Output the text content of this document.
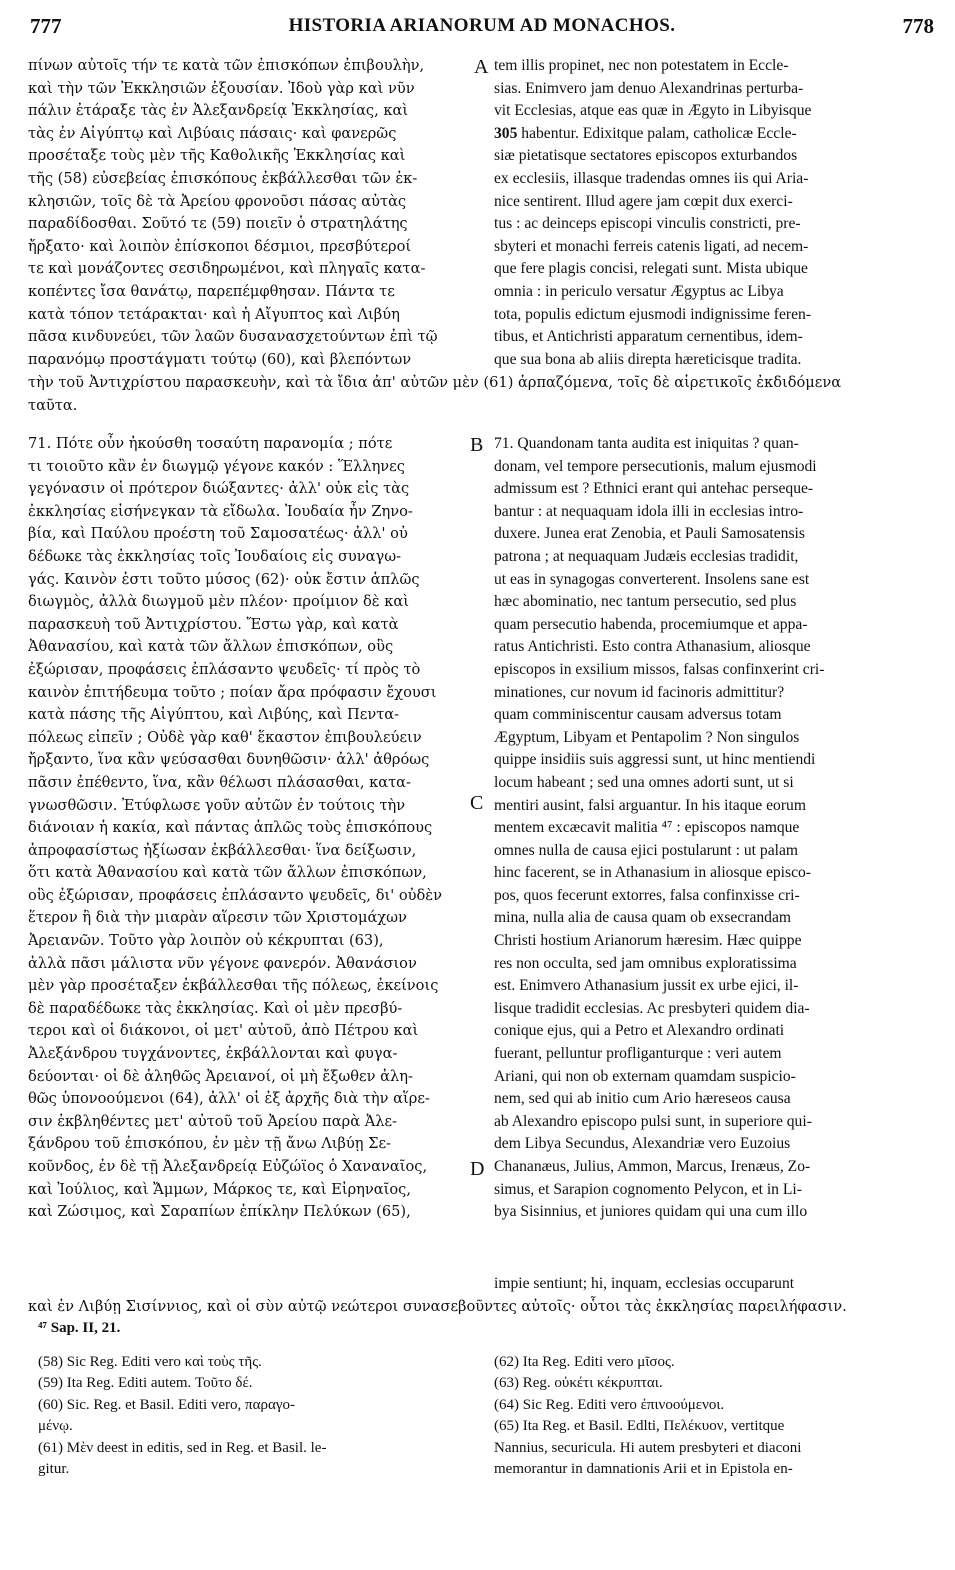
777	HISTORIA ARIANORUM AD MONACHOS.	778
πίνων αὐτοῖς τήν τε κατὰ τῶν ἐπισκόπων ἐπιβουλὴν,
καὶ τὴν τῶν Ἐκκλησιῶν ἐξουσίαν. Ἰδοὺ γὰρ καὶ νῦν
πάλιν ἐτάραξε τὰς ἐν Ἀλεξανδρείᾳ Ἐκκλησίας, καὶ
τὰς ἐν Αἰγύπτῳ καὶ Λιβύαις πάσαις· καὶ φανερῶς
προσέταξε τοὺς μὲν τῆς Καθολικῆς Ἐκκλησίας καὶ
τῆς (58) εὐσεβείας ἐπισκόπους ἐκβάλλεσθαι τῶν ἐκ-
κλησιῶν, τοῖς δὲ τὰ Ἀρείου φρονοῦσι πάσας αὐτὰς
παραδίδοσθαι. Σοῦτό τε (59) ποιεῖν ὁ στρατηλάτης
ἤρξατο· καὶ λοιπὸν ἐπίσκοποι δέσμιοι, πρεσβύτεροί
τε καὶ μονάζοντες σεσιδηρωμένοι, καὶ πληγαῖς κατα-
κοπέντες ἴσα θανάτῳ, παρεπέμφθησαν. Πάντα τε
κατὰ τόπον τετάρακται· καὶ ἡ Αἴγυπτος καὶ Λιβύη
πᾶσα κινδυνεύει, τῶν λαῶν δυσανασχετούντων ἐπὶ τῷ
παρανόμῳ προστάγματι τούτῳ (60), καὶ βλεπόντων
tem illis propinet, nec non potestatem in Eccle-
sias. Enimvero jam denuo Alexandrinas perturba-
vit Ecclesias, atque eas quæ in Ægyto in Libyisque
305 habentur. Edixitque palam, catholicæ Eccle-
siæ pietatisque sectatores episcopos exturbandos
ex ecclesiis, illasque tradendas omnes iis qui Aria-
nice sentirent. Illud agere jam cœpit dux exerci-
tus : ac deinceps episcopi vinculis constricti, pre-
sbyteri et monachi ferreis catenis ligati, ad necem-
que fere plagis concisi, relegati sunt. Mista ubique
omnia : in periculo versatur Ægyptus ac Libya
tota, populis edictum ejusmodi indignissime feren-
tibus, et Antichristi apparatum cernentibus, idem-
que sua bona ab aliis direpta hæreticisque tradita.
A
τὴν τοῦ Ἀντιχρίστου παρασκευὴν, καὶ τὰ ἴδια ἀπ' αὐτῶν μὲν (61) ἁρπαζόμενα, τοῖς δὲ αἱρετικοῖς ἐκδιδόμενα
ταῦτα.
71. Πότε οὖν ἠκούσθη τοσαύτη παρανομία ; πότε
τι τοιοῦτο κἂν ἐν διωγμῷ γέγονε κακόν : Ἕλληνες
γεγόνασιν οἱ πρότερον διώξαντες· ἀλλ' οὐκ εἰς τὰς
ἐκκλησίας εἰσήνεγκαν τὰ εἴδωλα. Ἰουδαία ἦν Ζηνο-
βία, καὶ Παύλου προέστη τοῦ Σαμοσατέως· ἀλλ' οὐ
δέδωκε τὰς ἐκκλησίας τοῖς Ἰουδαίοις εἰς συναγω-
γάς. Καινὸν ἐστι τοῦτο μύσος (62)· οὐκ ἔστιν ἁπλῶς
διωγμὸς, ἀλλὰ διωγμοῦ μὲν πλέον· προίμιον δὲ καὶ
παρασκευὴ τοῦ Ἀντιχρίστου. Ἔστω γὰρ, καὶ κατὰ
Ἀθανασίου, καὶ κατὰ τῶν ἄλλων ἐπισκόπων, οὓς
ἐξώρισαν, προφάσεις ἐπλάσαντο ψευδεῖς· τί πρὸς τὸ
καινὸν ἐπιτήδευμα τοῦτο ; ποίαν ἄρα πρόφασιν ἔχουσι
κατὰ πάσης τῆς Αἰγύπτου, καὶ Λιβύης, καὶ Πεντα-
πόλεως εἰπεῖν ; Οὐδὲ γὰρ καθ' ἕκαστον ἐπιβουλεύειν
ἤρξαντο, ἵνα κἂν ψεύσασθαι δυνηθῶσιν· ἀλλ' ἀθρόως
πᾶσιν ἐπέθεντο, ἵνα, κἂν θέλωσι πλάσασθαι, κατα-
γνωσθῶσιν. Ἐτύφλωσε γοῦν αὐτῶν ἐν τούτοις τὴν
διάνοιαν ἡ κακία, καὶ πάντας ἁπλῶς τοὺς ἐπισκόπους
ἀπροφασίστως ἠξίωσαν ἐκβάλλεσθαι· ἵνα δείξωσιν,
ὅτι κατὰ Ἀθανασίου καὶ κατὰ τῶν ἄλλων ἐπισκόπων,
οὓς ἐξώρισαν, προφάσεις ἐπλάσαντο ψευδεῖς, δι' οὐδὲν
ἕτερον ἢ διὰ τὴν μιαρὰν αἵρεσιν τῶν Χριστομάχων
Ἀρειανῶν. Τοῦτο γὰρ λοιπὸν οὐ κέκρυπται (63),
ἀλλὰ πᾶσι μάλιστα νῦν γέγονε φανερόν. Ἀθανάσιον
μὲν γὰρ προσέταξεν ἐκβάλλεσθαι τῆς πόλεως, ἐκείνοις
δὲ παραδέδωκε τὰς ἐκκλησίας. Καὶ οἱ μὲν πρεσβύ-
τεροι καὶ οἱ διάκονοι, οἱ μετ' αὐτοῦ, ἀπὸ Πέτρου καὶ
Ἀλεξάνδρου τυγχάνοντες, ἐκβάλλονται καὶ φυγα-
δεύονται· οἱ δὲ ἀληθῶς Ἀρειανοί, οἱ μὴ ἔξωθεν ἀλη-
θῶς ὑπονοούμενοι (64), ἀλλ' οἱ ἐξ ἀρχῆς διὰ τὴν αἵρε-
σιν ἐκβληθέντες μετ' αὐτοῦ τοῦ Ἀρείου παρὰ Ἀλε-
ξάνδρου τοῦ ἐπισκόπου, ἐν μὲν τῇ ἄνω Λιβύῃ Σε-
κοῦνδος, ἐν δὲ τῇ Ἀλεξανδρείᾳ Εὐζώϊος ὁ Χαναναῖος,
καὶ Ἰούλιος, καὶ Ἄμμων, Μάρκος τε, καὶ Εἰρηναῖος,
καὶ Ζώσιμος, καὶ Σαραπίων ἐπίκλην Πελύκων (65),
71. Quandonam tanta audita est iniquitas ? quan-
donam, vel tempore persecutionis, malum ejusmodi
admissum est ? Ethnici erant qui antehac perseque-
bantur : at nequaquam idola illi in ecclesias intro-
duxere. Junea erat Zenobia, et Pauli Samosatensis
patrona ; at nequaquam Judæis ecclesias tradidit,
ut eas in synagogas converterent. Insolens sane est
hæc abominatio, nec tantum persecutio, sed plus
quam persecutio habenda, procemiumque et appa-
ratus Antichristi. Esto contra Athanasium, aliosque
episcopos in exsilium missos, falsas confinxerint cri-
minationes, cur novum id facinoris admittitur?
quam comminiscentur causam adversus totam
Ægyptum, Libyam et Pentapolim ? Non singulos
quippe insidiis suis aggressi sunt, ut hinc mentiendi
locum habeant ; sed una omnes adorti sunt, ut si
mentiri ausint, falsi arguantur. In his itaque eorum
mentem excæcavit malitia ⁴⁷ : episcopos namque
omnes nulla de causa ejici postularunt : ut palam
hinc facerent, se in Athanasium in aliosque episco-
pos, quos fecerunt extorres, falsa confinxisse cri-
mina, nulla alia de causa quam ob exsecrandam
Christi hostium Arianorum hæresim. Hæc quippe
res non occulta, sed jam omnibus exploratissima
est. Enimvero Athanasium jussit ex urbe ejici, il-
lisque tradidit ecclesias. Ac presbyteri quidem dia-
conique ejus, qui a Petro et Alexandro ordinati
fuerant, pelluntur profliganturque : veri autem
Ariani, qui non ob externam quamdam suspicio-
nem, sed qui ab initio cum Ario hæreseos causa
ab Alexandro episcopo pulsi sunt, in superiore qui-
dem Libya Secundus, Alexandriæ vero Euzoius
Chananæus, Julius, Ammon, Marcus, Irenæus, Zo-
simus, et Sarapion cognomento Pelycon, et in Li-
bya Sisinnius, et juniores quidam qui una cum illo
B
C
D
impie sentiunt; hi, inquam, ecclesias occuparunt
καὶ ἐν Λιβύῃ Σισίννιος, καὶ οἱ σὺν αὐτῷ νεώτεροι συνασεβοῦντες αὐτοῖς· οὗτοι τὰς ἐκκλησίας παρειλήφασιν.
⁴⁷ Sap. II, 21.
(58) Sic Reg. Editi vero καὶ τοὺς τῆς.
(59) Ita Reg. Editi autem. Τοῦτο δέ.
(60) Sic. Reg. et Basil. Editi vero, παραγο-
μένῳ.
(61) Μὲν deest in editis, sed in Reg. et Basil. le-
gitur.
(62) Ita Reg. Editi vero μῖσος.
(63) Reg. οὐκέτι κέκρυπται.
(64) Sic Reg. Editi vero ἐπινοούμενοι.
(65) Ita Reg. et Basil. Edlti, Πελέκυον, vertitque
Nannius, securicula. Hi autem presbyteri et diaconi
memorantur in damnationis Arii et in Epistola en-
